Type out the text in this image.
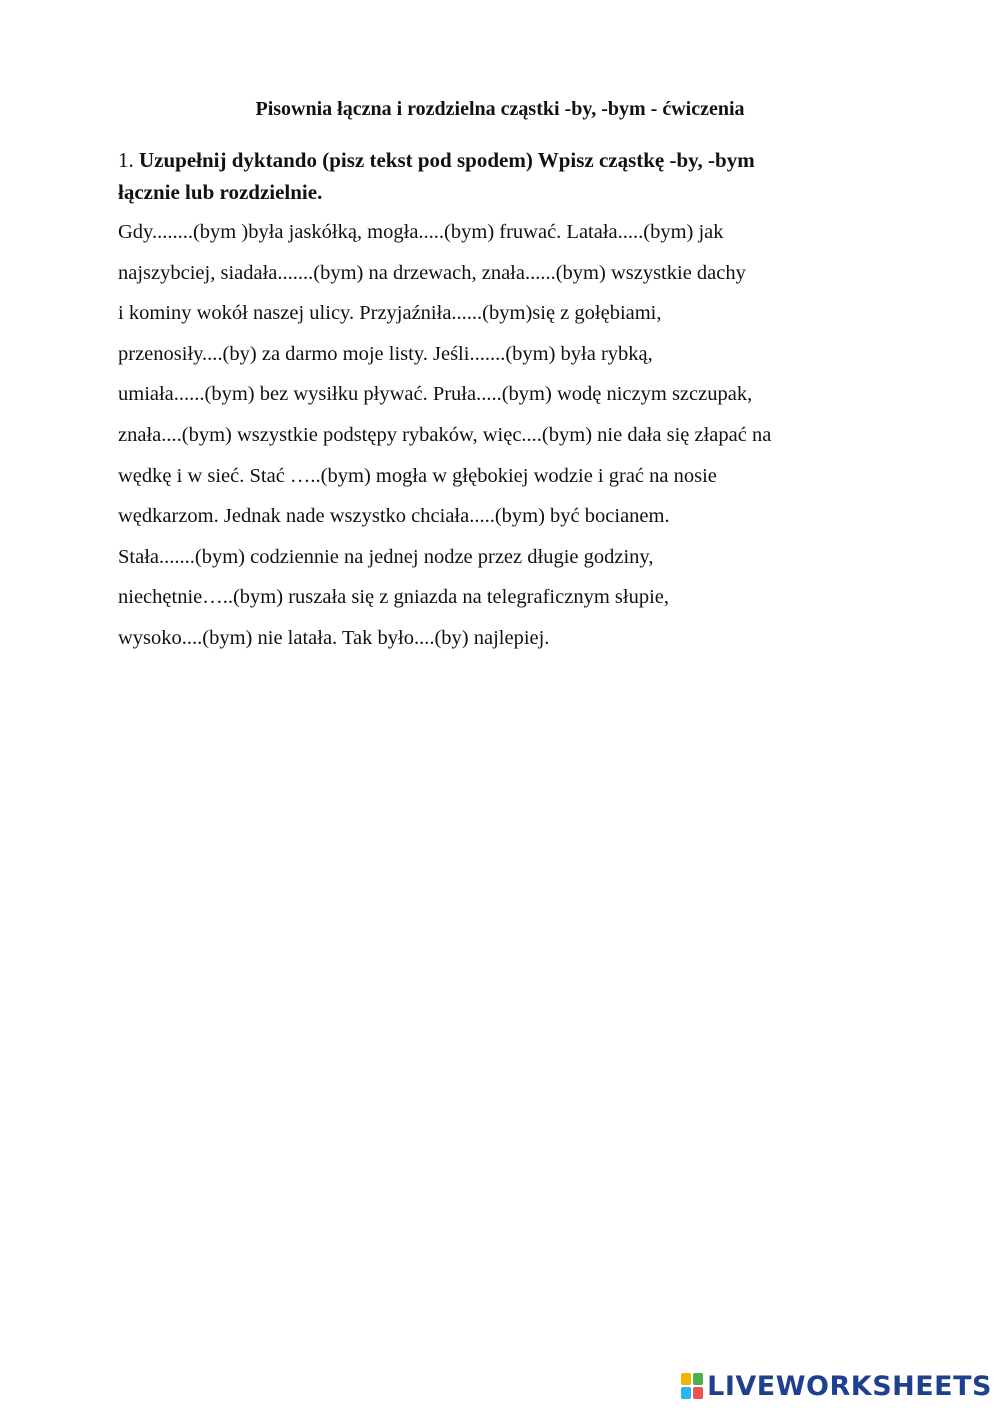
Pisownia łączna i rozdzielna cząstki -by, -bym - ćwiczenia

1. Uzupełnij dyktando (pisz tekst pod spodem) Wpisz cząstkę -by, -bym
łącznie lub rozdzielnie.

Gdy........(bym )była jaskółką, mogła.....(bym) fruwać. Latała.....(bym) jak
najszybciej, siadała.......(bym) na drzewach, znała......(bym) wszystkie dachy
i kominy wokół naszej ulicy. Przyjaźniła......(bym)się z gołębiami,
przenosiły....(by) za darmo moje listy. Jeśli.......(bym) była rybką,
umiała......(bym) bez wysiłku pływać. Pruła.....(bym) wodę niczym szczupak,
znała....(bym) wszystkie podstępy rybaków, więc....(bym) nie dała się złapać na
wędkę i w sieć. Stać …..(bym) mogła w głębokiej wodzie i grać na nosie
wędkarzom. Jednak nade wszystko chciała.....(bym) być bocianem.
Stała.......(bym) codziennie na jednej nodze przez długie godziny,
niechętnie…..(bym) ruszała się z gniazda na telegraficznym słupie,
wysoko....(bym) nie latała. Tak było....(by) najlepiej.
LIVEWORKSHEETS
